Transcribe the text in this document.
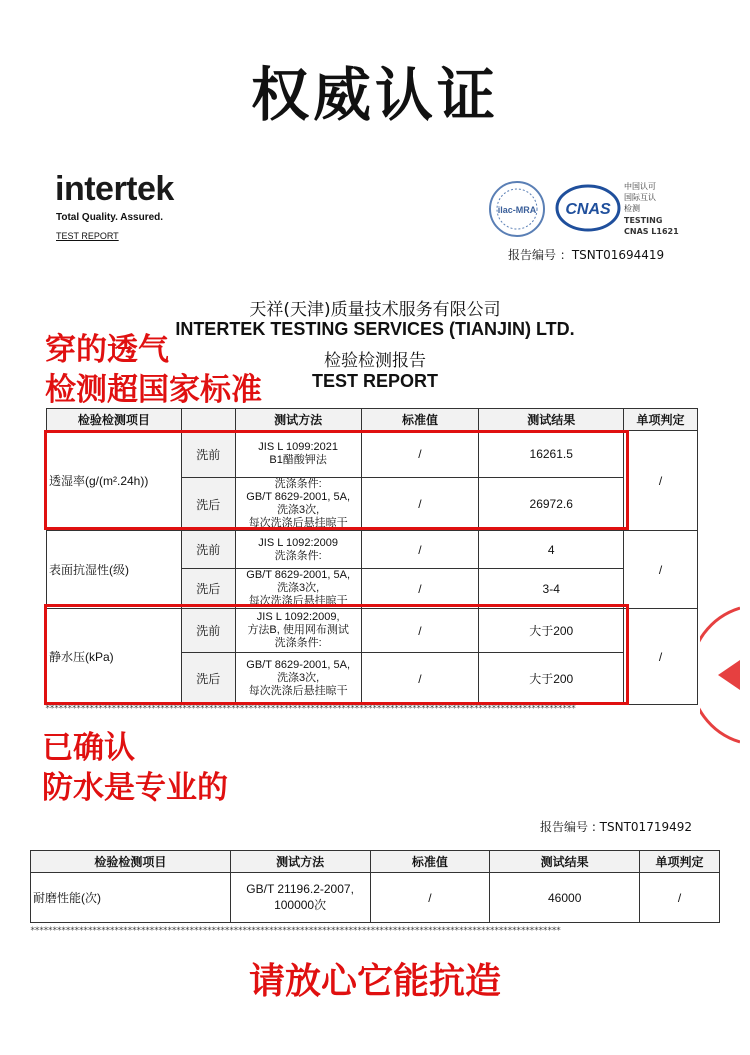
权威认证
intertek
Total Quality. Assured.
TEST REPORT
ilac-MRA CNAS
中国认可
国际互认
检测
TESTING
CNAS L1621
报告编号 ：TSNT01694419
天祥(天津)质量技术服务有限公司
INTERTEK TESTING SERVICES (TIANJIN) LTD.
检验检测报告
TEST REPORT
检验检测项目		测试方法	标准值	测试结果	单项判定
透湿率(g/(m².24h))	洗前	JIS L 1099:2021
B1醋酸钾法	/	16261.5	/
	洗后	洗涤条件:
GB/T 8629-2001, 5A,
洗涤3次,
每次洗涤后悬挂晾干	/	26972.6	
表面抗湿性(级)	洗前	JIS L 1092:2009
洗涤条件:	/	4	/
	洗后	GB/T 8629-2001, 5A,
洗涤3次,
每次洗涤后悬挂晾干	/	3-4	
静水压(kPa)	洗前	JIS L 1092:2009,
方法B, 使用网布测试
洗涤条件:	/	大于200	/
	洗后	GB/T 8629-2001, 5A,
洗涤3次,
每次洗涤后悬挂晾干	/	大于200	
************************************************************************************************************************
穿的透气
检测超国家标准
已确认
防水是专业的
报告编号 : TSNT01719492
检验检测项目	测试方法	标准值	测试结果	单项判定
耐磨性能(次)	GB/T 21196.2-2007,
100000次	/	46000	/
************************************************************************************************************************
请放心它能抗造
